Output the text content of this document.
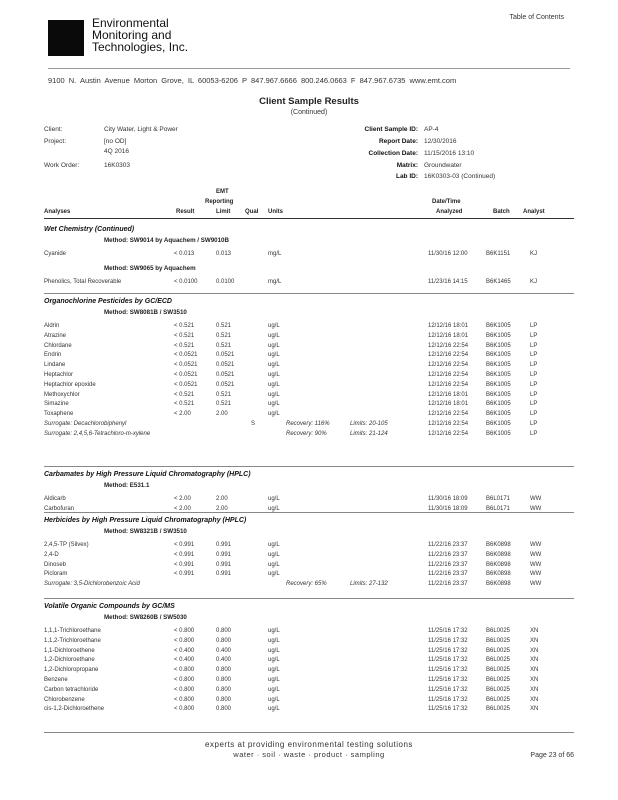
Table of Contents
Environmental
Monitoring and
Technologies, Inc.
9100 N. Austin Avenue Morton Grove, IL 60053-6206 P 847.967.6666 800.246.0663 F 847.967.6735 www.emt.com
Client Sample Results
(Continued)
Client:	City Water, Light & Power
Project:	[no OD]
4Q 2016
Work Order:	16K0303
Client Sample ID: AP-4
Report Date: 12/30/2016
Collection Date: 11/15/2016 13:10
Matrix: Groundwater
Lab ID: 16K0303-03 (Continued)
EMT
Reporting	Date/Time
Analyses	Result	Limit Qual Units	Analyzed	Batch Analyst
Wet Chemistry (Continued)
Method: SW9014 by Aquachem / SW9010B
Cyanide	< 0.013	0.013	mg/L	11/30/16 12:00	B6K1151	KJ
Method: SW9065 by Aquachem
Phenolics, Total Recoverable	< 0.0100	0.0100	mg/L	11/23/16 14:15	B6K1465	KJ
Organochlorine Pesticides by GC/ECD
Method: SW8081B / SW3510
Aldrin	< 0.521	0.521	ug/L	12/12/16 18:01	B6K1005	LP
Atrazine	< 0.521	0.521	ug/L	12/12/16 18:01	B6K1005	LP
Chlordane	< 0.521	0.521	ug/L	12/12/16 22:54	B6K1005	LP
Endrin	< 0.0521	0.0521	ug/L	12/12/16 22:54	B6K1005	LP
Lindane	< 0.0521	0.0521	ug/L	12/12/16 22:54	B6K1005	LP
Heptachlor	< 0.0521	0.0521	ug/L	12/12/16 22:54	B6K1005	LP
Heptachlor epoxide	< 0.0521	0.0521	ug/L	12/12/16 22:54	B6K1005	LP
Methoxychlor	< 0.521	0.521	ug/L	12/12/16 18:01	B6K1005	LP
Simazine	< 0.521	0.521	ug/L	12/12/16 18:01	B6K1005	LP
Toxaphene	< 2.00	2.00	ug/L	12/12/16 22:54	B6K1005	LP
Surrogate: Decachlorobiphenyl	S	Recovery: 116%	Limits: 20-105	12/12/16 22:54	B6K1005	LP
Surrogate: 2,4,5,6-Tetrachloro-m-xylene	Recovery: 90%	Limits: 21-124	12/12/16 22:54	B6K1005	LP
Carbamates by High Pressure Liquid Chromatography (HPLC)
Method: E531.1
Aldicarb	< 2.00	2.00	ug/L	11/30/16 18:09	B6L0171	WW
Carbofuran	< 2.00	2.00	ug/L	11/30/16 18:09	B6L0171	WW
Herbicides by High Pressure Liquid Chromatography (HPLC)
Method: SW8321B / SW3510
2,4,5-TP (Silvex)	< 0.991	0.991	ug/L	11/22/16 23:37	B6K0898	WW
2,4-D	< 0.991	0.991	ug/L	11/22/16 23:37	B6K0898	WW
Dinoseb	< 0.991	0.991	ug/L	11/22/16 23:37	B6K0898	WW
Picloram	< 0.991	0.991	ug/L	11/22/16 23:37	B6K0898	WW
Surrogate: 3,5-Dichlorobenzoic Acid	Recovery: 65%	Limits: 27-132	11/22/16 23:37	B6K0898	WW
Volatile Organic Compounds by GC/MS
Method: SW8260B / SW5030
1,1,1-Trichloroethane	< 0.800	0.800	ug/L	11/25/16 17:32	B6L0025	XN
1,1,2-Trichloroethane	< 0.800	0.800	ug/L	11/25/16 17:32	B6L0025	XN
1,1-Dichloroethene	< 0.400	0.400	ug/L	11/25/16 17:32	B6L0025	XN
1,2-Dichloroethane	< 0.400	0.400	ug/L	11/25/16 17:32	B6L0025	XN
1,2-Dichloropropane	< 0.800	0.800	ug/L	11/25/16 17:32	B6L0025	XN
Benzene	< 0.800	0.800	ug/L	11/25/16 17:32	B6L0025	XN
Carbon tetrachloride	< 0.800	0.800	ug/L	11/25/16 17:32	B6L0025	XN
Chlorobenzene	< 0.800	0.800	ug/L	11/25/16 17:32	B6L0025	XN
cis-1,2-Dichloroethene	< 0.800	0.800	ug/L	11/25/16 17:32	B6L0025	XN
experts at providing environmental testing solutions
water · soil · waste · product · sampling	Page 23 of 66
